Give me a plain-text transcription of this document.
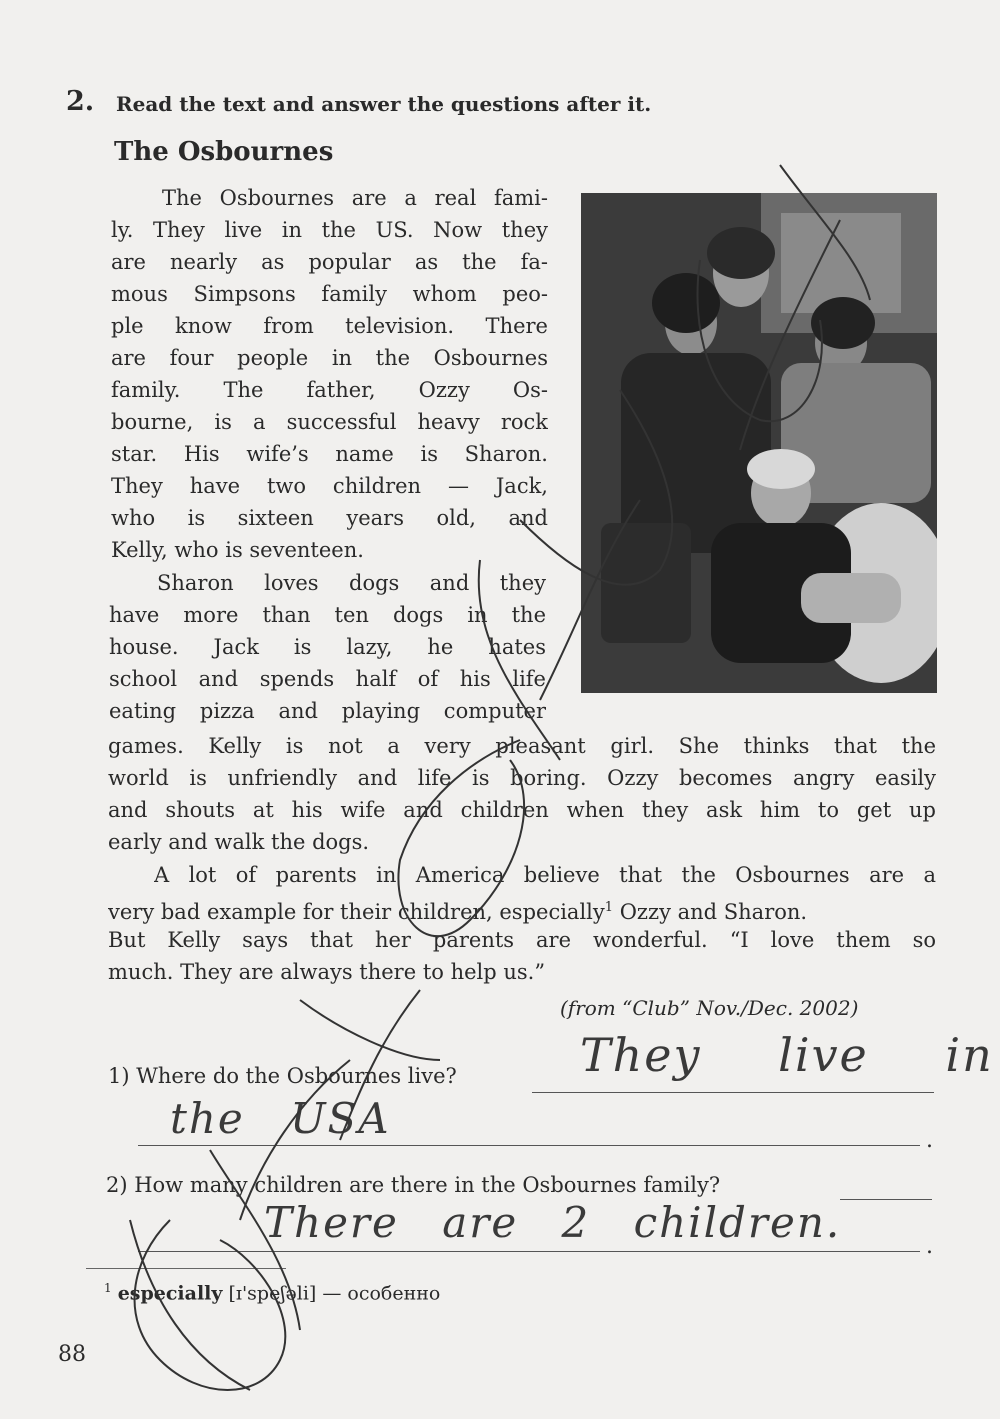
2. Read the text and answer the questions after it.
The Osbournes
The Osbournes are a real fami-
ly. They live in the US. Now they
are nearly as popular as the fa-
mous Simpsons family whom peo-
ple know from television. There
are four people in the Osbournes
family. The father, Ozzy Os-
bourne, is a successful heavy rock
star. His wife’s name is Sharon.
They have two children — Jack,
who is sixteen years old, and
Kelly, who is seventeen.
Sharon loves dogs and they
have more than ten dogs in the
house. Jack is lazy, he hates
school and spends half of his life
eating pizza and playing computer
games. Kelly is not a very pleasant girl. She thinks that the
world is unfriendly and life is boring. Ozzy becomes angry easily
and shouts at his wife and children when they ask him to get up
early and walk the dogs.
A lot of parents in America believe that the Osbournes are a
very bad example for their children, especially$^1$ Ozzy and Sharon.
But Kelly says that her parents are wonderful. “I love them so
much. They are always there to help us.”
(from “Club” Nov./Dec. 2002)
1) Where do the Osbournes live?	They live in
the USA	.
2) How many children are there in the Osbournes family?
There are 2 children.	.
$^1$ especially [ɪ'speʃəli] — особенно
88
